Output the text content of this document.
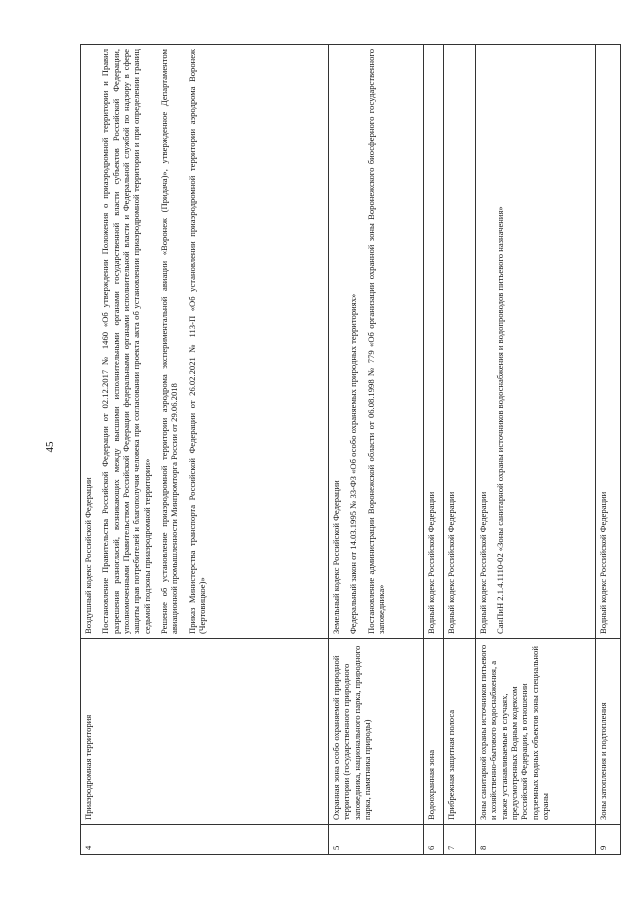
45
4	Приаэродромная территория	Воздушный кодекс Российской Федерации Постановление Правительства Российской Федерации от 02.12.2017 № 1460 «Об утверждении Положения о приаэродромной территории и Правил разрешения разногласий, возникающих между высшими исполнительными органами государственной власти субъектов Российской Федерации, уполномоченными Правительством Российской Федерации федеральными органами исполнительной власти и Федеральной службой по надзору в сфере защиты прав потребителей и благополучия человека при согласовании проекта акта об установлении приаэродромной территории и при определении границ седьмой подзоны приаэродромной территории» Решение об установление приаэродромной территории аэродрома экспериментальной авиации «Воронеж (Придача)», утвержденное Департаментом авиационной промышленности Минпромторга России от 29.06.2018 Приказ Министерства транспорта Российской Федерации от 26.02.2021 № 113-П «Об установлении приаэродромной территории аэродрома Воронеж (Чертовицкое)»

5	Охранная зона особо охраняемой природной территории (государственного природного заповедника, национального парка, природного парка, памятника природы)	Земельный кодекс Российской Федерации Федеральный закон от 14.03.1995 № 33-ФЗ «Об особо охраняемых природных территориях» Постановление администрации Воронежской области от 06.08.1998 № 779 «Об организации охранной зоны Воронежского биосферного государственного заповедника»

6	Водоохранная зона	Водный кодекс Российской Федерации

7	Прибрежная защитная полоса	Водный кодекс Российской Федерации

8	Зоны санитарной охраны источников питьевого и хозяйственно-бытового водоснабжения, а также устанавливаемые в случаях, предусмотренных Водным кодексом Российской Федерации, в отношении подземных водных объектов зоны специальной охраны	Водный кодекс Российской Федерации СанПиН 2.1.4.1110-02 «Зоны санитарной охраны источников водоснабжения и водопроводов питьевого назначения»

9	Зоны затопления и подтопления	Водный кодекс Российской Федерации
